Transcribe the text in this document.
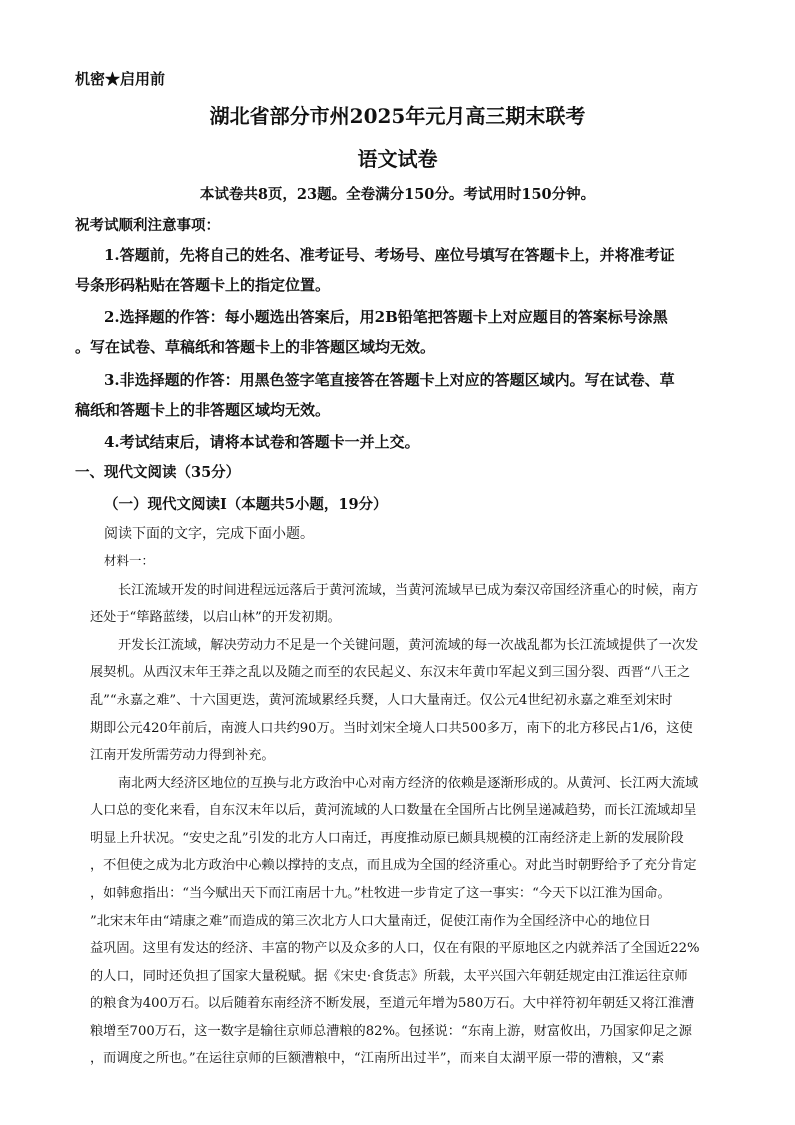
机密★启用前
湖北省部分市州2025年元月高三期末联考
语文试卷
本试卷共8页，23题。全卷满分150分。考试用时150分钟。
祝考试顺利注意事项：
1.答题前，先将自己的姓名、准考证号、考场号、座位号填写在答题卡上，并将准考证
号条形码粘贴在答题卡上的指定位置。
2.选择题的作答：每小题选出答案后，用2B铅笔把答题卡上对应题目的答案标号涂黑
。写在试卷、草稿纸和答题卡上的非答题区域均无效。
3.非选择题的作答：用黑色签字笔直接答在答题卡上对应的答题区域内。写在试卷、草
稿纸和答题卡上的非答题区域均无效。
4.考试结束后，请将本试卷和答题卡一并上交。
一、现代文阅读（35分）
（一）现代文阅读Ⅰ（本题共5小题，19分）
阅读下面的文字，完成下面小题。
材料一：
长江流域开发的时间进程远远落后于黄河流域，当黄河流域早已成为秦汉帝国经济重心的时候，南方
还处于“筚路蓝缕，以启山林”的开发初期。
开发长江流域，解决劳动力不足是一个关键问题，黄河流域的每一次战乱都为长江流域提供了一次发
展契机。从西汉末年王莽之乱以及随之而至的农民起义、东汉末年黄巾军起义到三国分裂、西晋“八王之
乱”“永嘉之难”、十六国更迭，黄河流域累经兵燹，人口大量南迁。仅公元4世纪初永嘉之难至刘宋时
期即公元420年前后，南渡人口共约90万。当时刘宋全境人口共500多万，南下的北方移民占1/6，这使
江南开发所需劳动力得到补充。
南北两大经济区地位的互换与北方政治中心对南方经济的依赖是逐渐形成的。从黄河、长江两大流域
人口总的变化来看，自东汉末年以后，黄河流域的人口数量在全国所占比例呈递减趋势，而长江流域却呈
明显上升状况。“安史之乱”引发的北方人口南迁，再度推动原已颇具规模的江南经济走上新的发展阶段
，不但使之成为北方政治中心赖以撑持的支点，而且成为全国的经济重心。对此当时朝野给予了充分肯定
，如韩愈指出：“当今赋出天下而江南居十九。”杜牧进一步肯定了这一事实：“今天下以江淮为国命。
”北宋末年由“靖康之难”而造成的第三次北方人口大量南迁，促使江南作为全国经济中心的地位日
益巩固。这里有发达的经济、丰富的物产以及众多的人口，仅在有限的平原地区之内就养活了全国近22%
的人口，同时还负担了国家大量税赋。据《宋史·食货志》所载，太平兴国六年朝廷规定由江淮运往京师
的粮食为400万石。以后随着东南经济不断发展，至道元年增为580万石。大中祥符初年朝廷又将江淮漕
粮增至700万石，这一数字是输往京师总漕粮的82%。包拯说：“东南上游，财富攸出，乃国家仰足之源
，而调度之所也。”在运往京师的巨额漕粮中，“江南所出过半”，而来自太湖平原一带的漕粮，又“素
